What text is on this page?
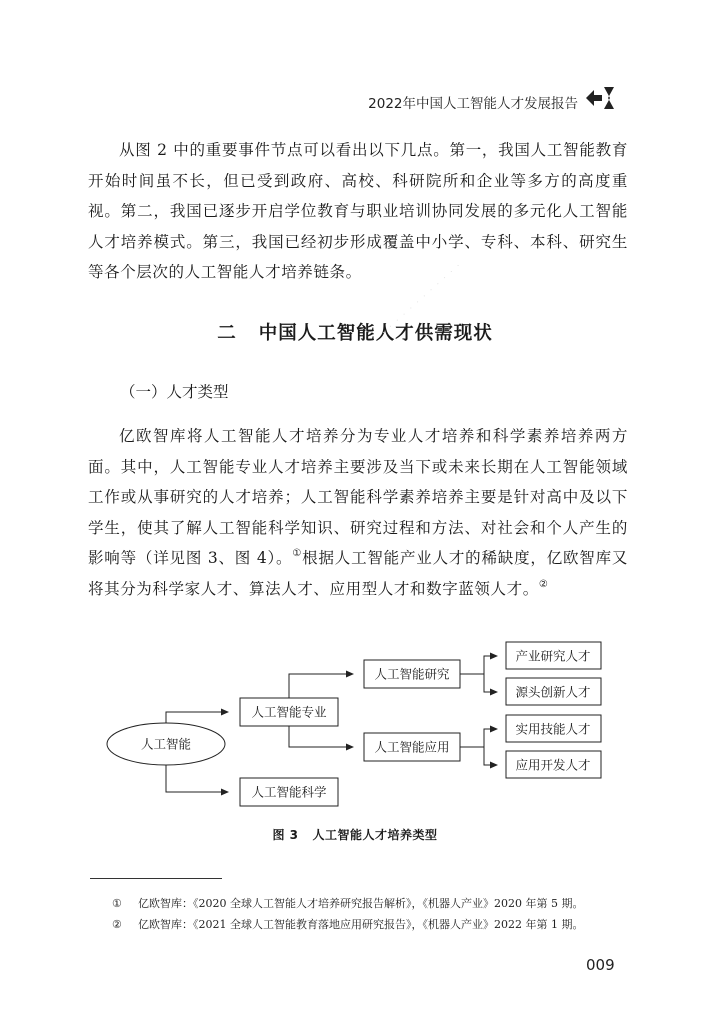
2022年中国人工智能人才发展报告

从图 2 中的重要事件节点可以看出以下几点。第一，我国人工智能教育开始时间虽不长，但已受到政府、高校、科研院所和企业等多方的高度重视。第二，我国已逐步开启学位教育与职业培训协同发展的多元化人工智能人才培养模式。第三，我国已经初步形成覆盖中小学、专科、本科、研究生等各个层次的人工智能人才培养链条。

二 中国人工智能人才供需现状
· · · · · · · · · · · ·
（一）人才类型

亿欧智库将人工智能人才培养分为专业人才培养和科学素养培养两方面。其中，人工智能专业人才培养主要涉及当下或未来长期在人工智能领域工作或从事研究的人才培养；人工智能科学素养培养主要是针对高中及以下学生，使其了解人工智能科学知识、研究过程和方法、对社会和个人产生的影响等（详见图 3、图 4）。①根据人工智能产业人才的稀缺度，亿欧智库又将其分为科学家人才、算法人才、应用型人才和数字蓝领人才。②

人工智能
人工智能专业
人工智能科学
人工智能研究
人工智能应用
产业研究人才
源头创新人才
实用技能人才
应用开发人才
图 3 人工智能人才培养类型
① 亿欧智库：《2020 全球人工智能人才培养研究报告解析》，《机器人产业》2020 年第 5 期。
② 亿欧智库：《2021 全球人工智能教育落地应用研究报告》，《机器人产业》2022 年第 1 期。
009
